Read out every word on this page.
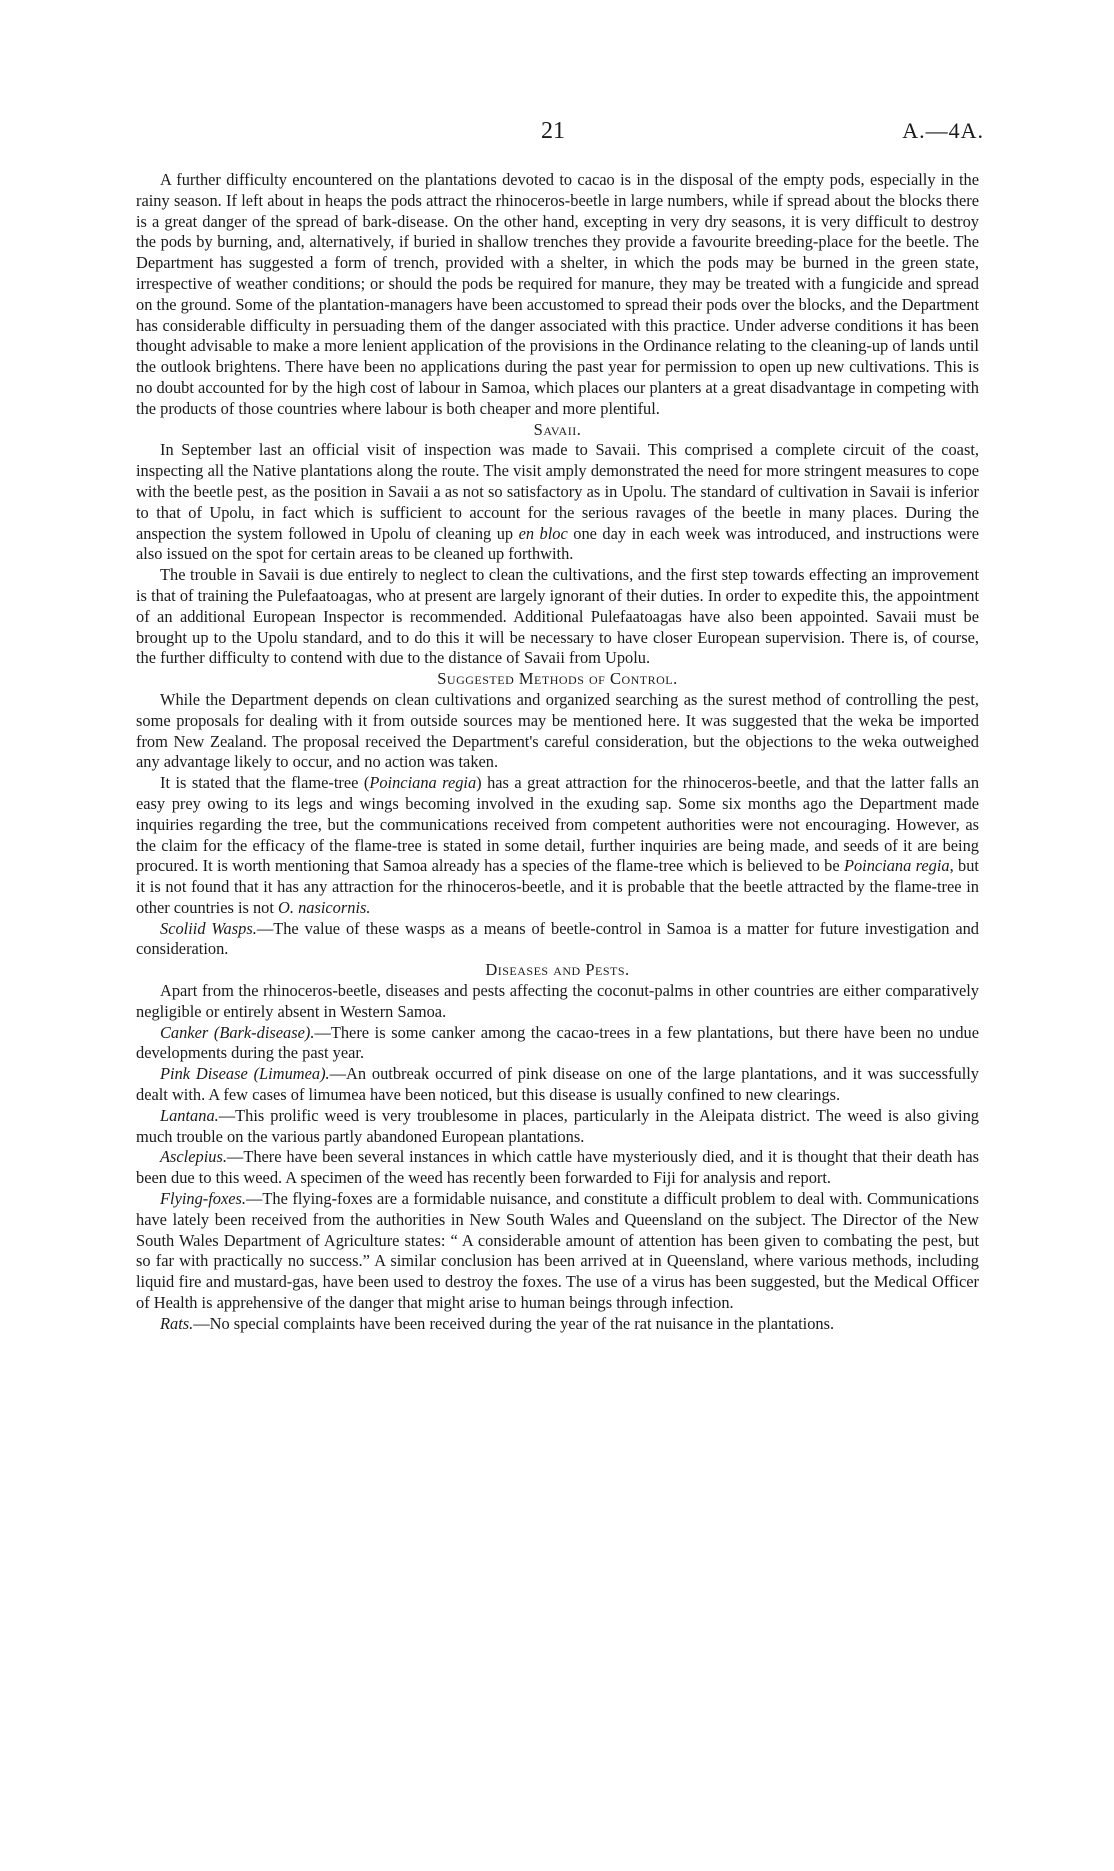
21	A.—4A.

A further difficulty encountered on the plantations devoted to cacao is in the disposal of the empty pods, especially in the rainy season. If left about in heaps the pods attract the rhinoceros-beetle in large numbers, while if spread about the blocks there is a great danger of the spread of bark-disease. On the other hand, excepting in very dry seasons, it is very difficult to destroy the pods by burning, and, alternatively, if buried in shallow trenches they provide a favourite breeding-place for the beetle. The Department has suggested a form of trench, provided with a shelter, in which the pods may be burned in the green state, irrespective of weather conditions; or should the pods be required for manure, they may be treated with a fungicide and spread on the ground. Some of the plantation-managers have been accustomed to spread their pods over the blocks, and the Department has considerable difficulty in persuading them of the danger associated with this practice. Under adverse conditions it has been thought advisable to make a more lenient application of the provisions in the Ordinance relating to the cleaning-up of lands until the outlook brightens. There have been no applications during the past year for permission to open up new cultivations. This is no doubt accounted for by the high cost of labour in Samoa, which places our planters at a great disadvantage in competing with the products of those countries where labour is both cheaper and more plentiful.

Savaii.

In September last an official visit of inspection was made to Savaii. This comprised a complete circuit of the coast, inspecting all the Native plantations along the route. The visit amply demonstrated the need for more stringent measures to cope with the beetle pest, as the position in Savaii a as not so satisfactory as in Upolu. The standard of cultivation in Savaii is inferior to that of Upolu, in fact which is sufficient to account for the serious ravages of the beetle in many places. During the anspection the system followed in Upolu of cleaning up en bloc one day in each week was introduced, and instructions were also issued on the spot for certain areas to be cleaned up forthwith.

The trouble in Savaii is due entirely to neglect to clean the cultivations, and the first step towards effecting an improvement is that of training the Pulefaatoagas, who at present are largely ignorant of their duties. In order to expedite this, the appointment of an additional European Inspector is recommended. Additional Pulefaatoagas have also been appointed. Savaii must be brought up to the Upolu standard, and to do this it will be necessary to have closer European supervision. There is, of course, the further difficulty to contend with due to the distance of Savaii from Upolu.

Suggested Methods of Control.

While the Department depends on clean cultivations and organized searching as the surest method of controlling the pest, some proposals for dealing with it from outside sources may be mentioned here. It was suggested that the weka be imported from New Zealand. The proposal received the Department's careful consideration, but the objections to the weka outweighed any advantage likely to occur, and no action was taken.

It is stated that the flame-tree (Poinciana regia) has a great attraction for the rhinoceros-beetle, and that the latter falls an easy prey owing to its legs and wings becoming involved in the exuding sap. Some six months ago the Department made inquiries regarding the tree, but the communications received from competent authorities were not encouraging. However, as the claim for the efficacy of the flame-tree is stated in some detail, further inquiries are being made, and seeds of it are being procured. It is worth mentioning that Samoa already has a species of the flame-tree which is believed to be Poinciana regia, but it is not found that it has any attraction for the rhinoceros-beetle, and it is probable that the beetle attracted by the flame-tree in other countries is not O. nasicornis.

Scoliid Wasps.—The value of these wasps as a means of beetle-control in Samoa is a matter for future investigation and consideration.

Diseases and Pests.

Apart from the rhinoceros-beetle, diseases and pests affecting the coconut-palms in other countries are either comparatively negligible or entirely absent in Western Samoa.

Canker (Bark-disease).—There is some canker among the cacao-trees in a few plantations, but there have been no undue developments during the past year.

Pink Disease (Limumea).—An outbreak occurred of pink disease on one of the large plantations, and it was successfully dealt with. A few cases of limumea have been noticed, but this disease is usually confined to new clearings.

Lantana.—This prolific weed is very troublesome in places, particularly in the Aleipata district. The weed is also giving much trouble on the various partly abandoned European plantations.

Asclepius.—There have been several instances in which cattle have mysteriously died, and it is thought that their death has been due to this weed. A specimen of the weed has recently been forwarded to Fiji for analysis and report.

Flying-foxes.—The flying-foxes are a formidable nuisance, and constitute a difficult problem to deal with. Communications have lately been received from the authorities in New South Wales and Queensland on the subject. The Director of the New South Wales Department of Agriculture states: “ A considerable amount of attention has been given to combating the pest, but so far with practically no success.” A similar conclusion has been arrived at in Queensland, where various methods, including liquid fire and mustard-gas, have been used to destroy the foxes. The use of a virus has been suggested, but the Medical Officer of Health is apprehensive of the danger that might arise to human beings through infection.

Rats.—No special complaints have been received during the year of the rat nuisance in the plantations.
